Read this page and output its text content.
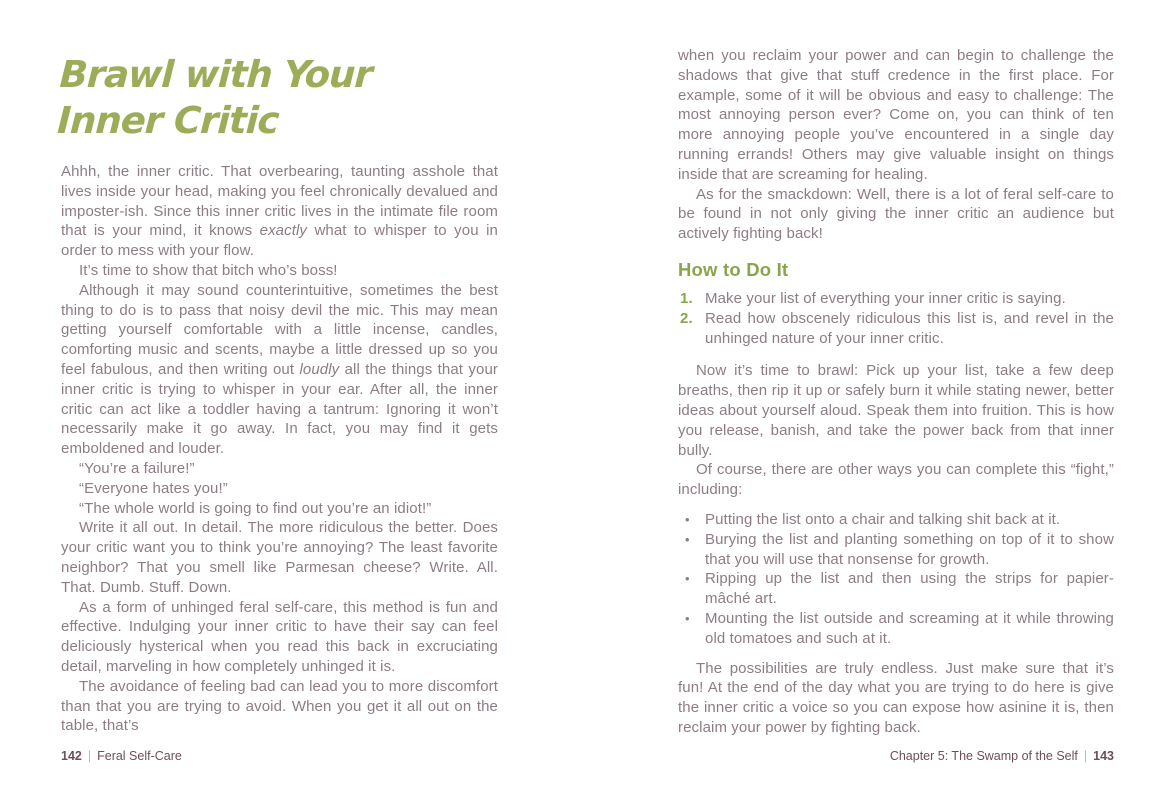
Brawl with Your
Inner Critic

Ahhh, the inner critic. That overbearing, taunting asshole that lives inside your head, making you feel chronically devalued and imposter-ish. Since this inner critic lives in the intimate file room that is your mind, it knows exactly what to whisper to you in order to mess with your flow.

It’s time to show that bitch who’s boss!

Although it may sound counterintuitive, sometimes the best thing to do is to pass that noisy devil the mic. This may mean getting yourself comfortable with a little incense, candles, comforting music and scents, maybe a little dressed up so you feel fabulous, and then writing out loudly all the things that your inner critic is trying to whisper in your ear. After all, the inner critic can act like a toddler having a tantrum: Ignoring it won’t necessarily make it go away. In fact, you may find it gets emboldened and louder.

“You’re a failure!”

“Everyone hates you!”

“The whole world is going to find out you’re an idiot!”

Write it all out. In detail. The more ridiculous the better. Does your critic want you to think you’re annoying? The least favorite neighbor? That you smell like Parmesan cheese? Write. All. That. Dumb. Stuff. Down.

As a form of unhinged feral self-care, this method is fun and effective. Indulging your inner critic to have their say can feel deliciously hysterical when you read this back in excruciating detail, marveling in how completely unhinged it is.

The avoidance of feeling bad can lead you to more discomfort than that you are trying to avoid. When you get it all out on the table, that’s

when you reclaim your power and can begin to challenge the shadows that give that stuff credence in the first place. For example, some of it will be obvious and easy to challenge: The most annoying person ever? Come on, you can think of ten more annoying people you’ve encountered in a single day running errands! Others may give valuable insight on things inside that are screaming for healing.

As for the smackdown: Well, there is a lot of feral self-care to be found in not only giving the inner critic an audience but actively fighting back!

How to Do It
Make your list of everything your inner critic is saying.
Read how obscenely ridiculous this list is, and revel in the unhinged nature of your inner critic.

Now it’s time to brawl: Pick up your list, take a few deep breaths, then rip it up or safely burn it while stating newer, better ideas about yourself aloud. Speak them into fruition. This is how you release, banish, and take the power back from that inner bully.

Of course, there are other ways you can complete this “fight,” including:

• Putting the list onto a chair and talking shit back at it.
• Burying the list and planting something on top of it to show that you will use that nonsense for growth.
• Ripping up the list and then using the strips for papier-mâché art.
• Mounting the list outside and screaming at it while throwing old tomatoes and such at it.

The possibilities are truly endless. Just make sure that it’s fun! At the end of the day what you are trying to do here is give the inner critic a voice so you can expose how asinine it is, then reclaim your power by fighting back.

142 | Feral Self-Care	Chapter 5: The Swamp of the Self | 143
